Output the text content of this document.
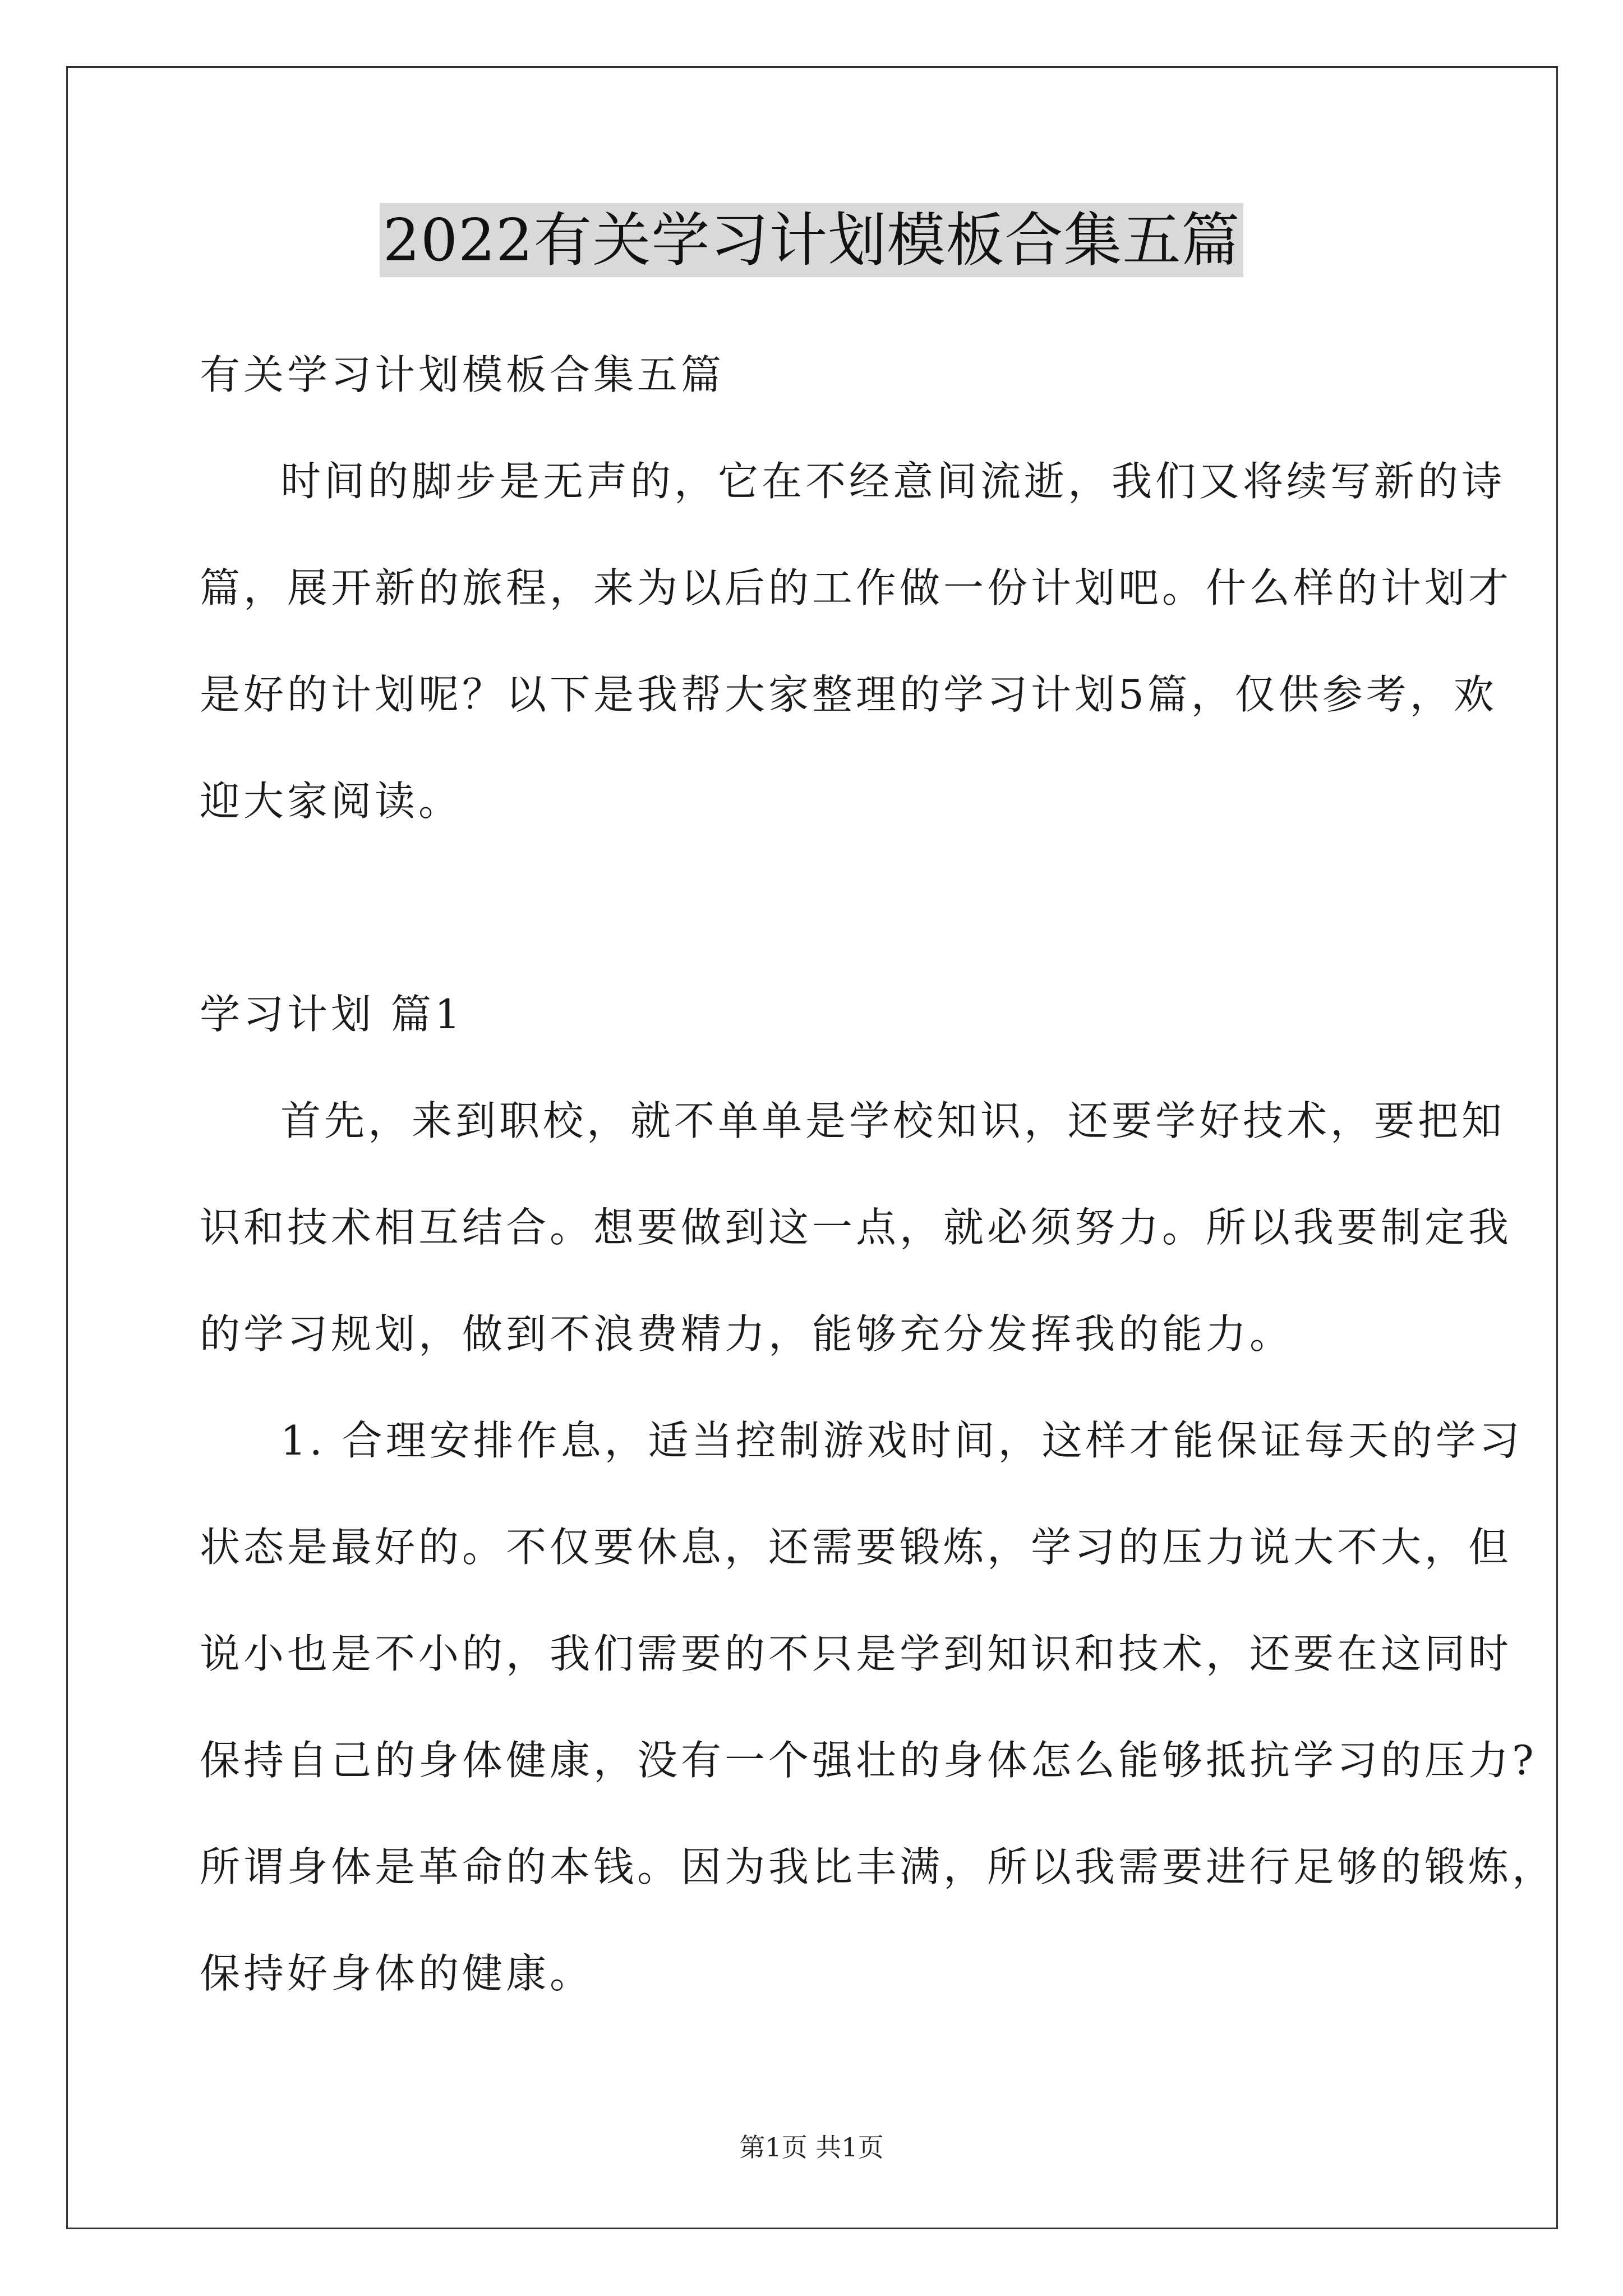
2022有关学习计划模板合集五篇
有关学习计划模板合集五篇
时间的脚步是无声的，它在不经意间流逝，我们又将续写新的诗
篇，展开新的旅程，来为以后的工作做一份计划吧。什么样的计划才
是好的计划呢？以下是我帮大家整理的学习计划5篇，仅供参考，欢
迎大家阅读。
学习计划 篇1
首先，来到职校，就不单单是学校知识，还要学好技术，要把知
识和技术相互结合。想要做到这一点，就必须努力。所以我要制定我
的学习规划，做到不浪费精力，能够充分发挥我的能力。
1. 合理安排作息，适当控制游戏时间，这样才能保证每天的学习
状态是最好的。不仅要休息，还需要锻炼，学习的压力说大不大，但
说小也是不小的，我们需要的不只是学到知识和技术，还要在这同时
保持自己的身体健康，没有一个强壮的身体怎么能够抵抗学习的压力?
所谓身体是革命的本钱。因为我比丰满，所以我需要进行足够的锻炼，
保持好身体的健康。
第1页 共1页
